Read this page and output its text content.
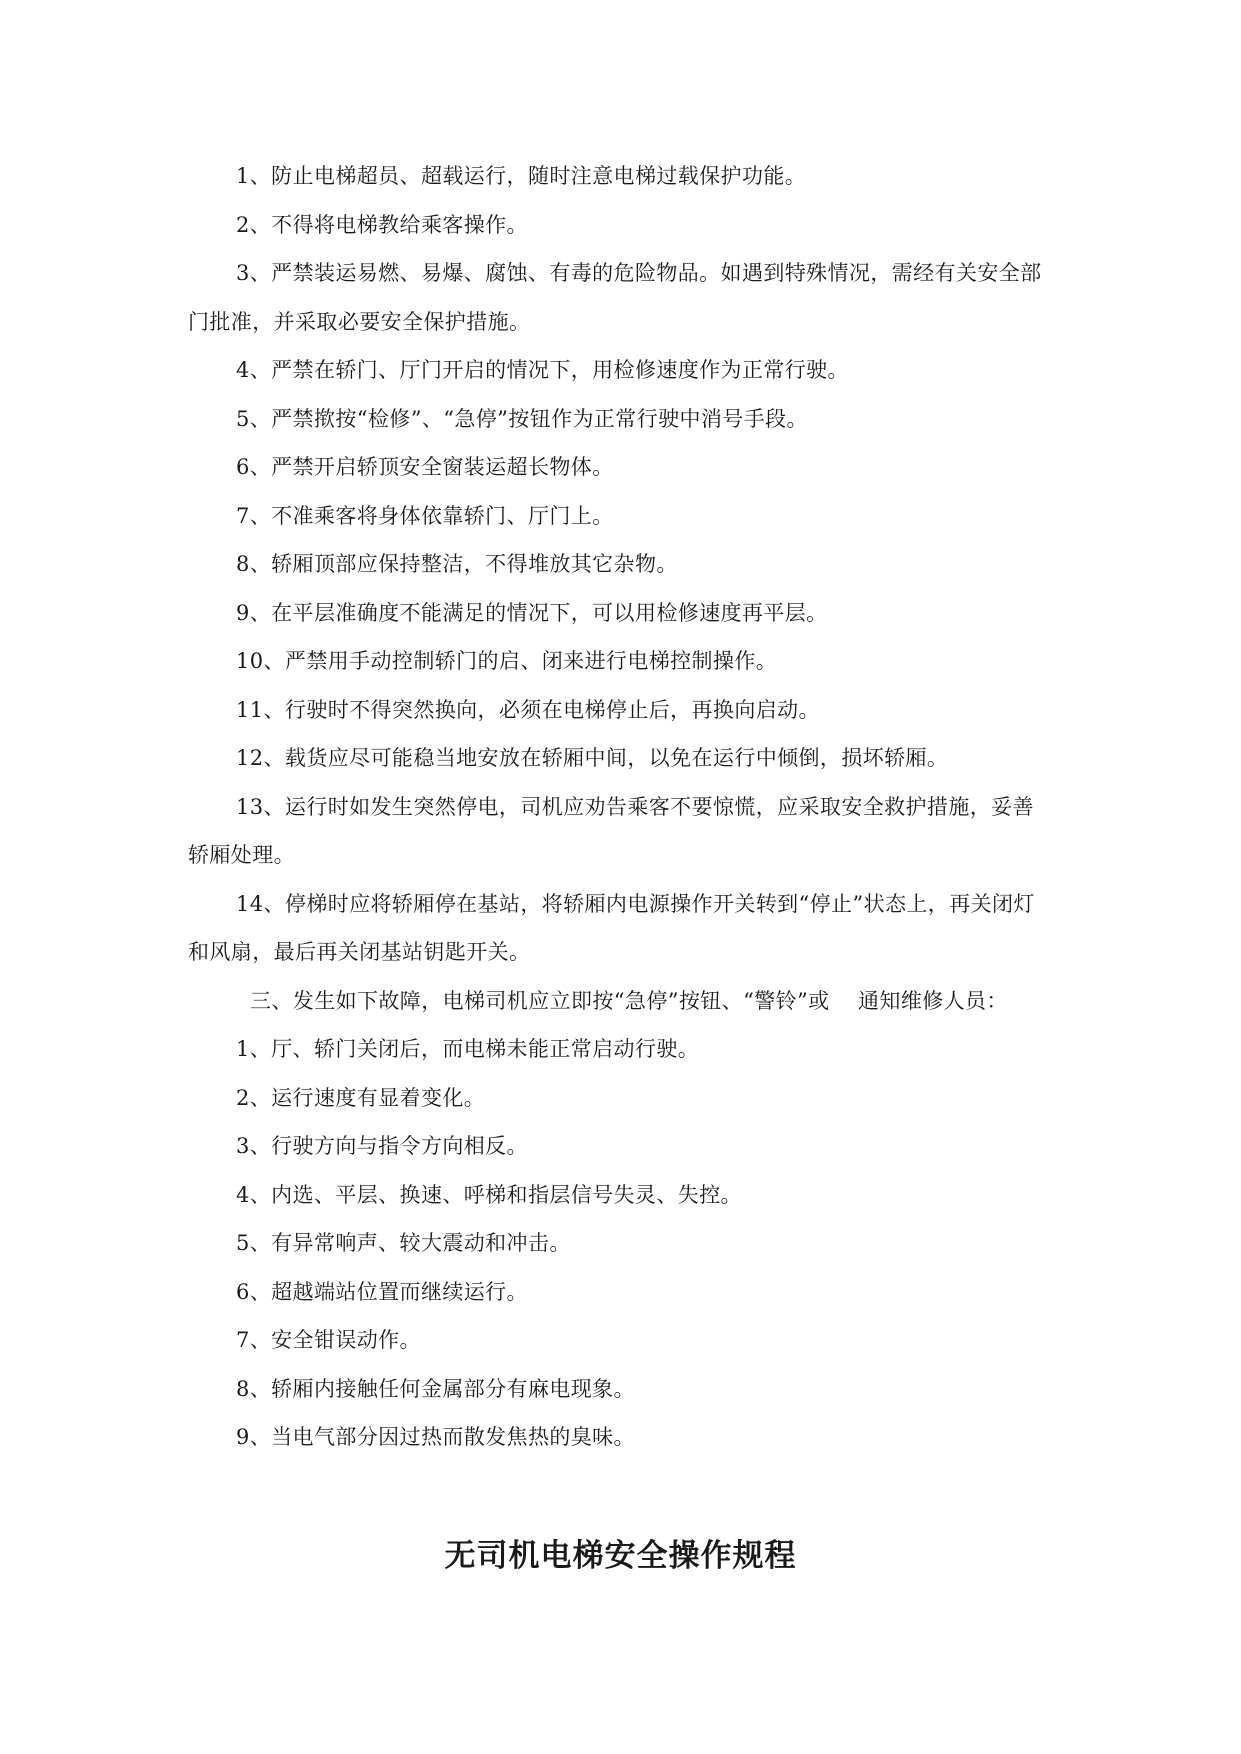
1、防止电梯超员、超载运行，随时注意电梯过载保护功能。

2、不得将电梯教给乘客操作。

3、严禁装运易燃、易爆、腐蚀、有毒的危险物品。如遇到特殊情况，需经有关安全部门批准，并采取必要安全保护措施。

4、严禁在轿门、厅门开启的情况下，用检修速度作为正常行驶。

5、严禁揿按“检修”、“急停”按钮作为正常行驶中消号手段。

6、严禁开启轿顶安全窗装运超长物体。

7、不准乘客将身体依靠轿门、厅门上。

8、轿厢顶部应保持整洁，不得堆放其它杂物。

9、在平层准确度不能满足的情况下，可以用检修速度再平层。

10、严禁用手动控制轿门的启、闭来进行电梯控制操作。

11、行驶时不得突然换向，必须在电梯停止后，再换向启动。

12、载货应尽可能稳当地安放在轿厢中间，以免在运行中倾倒，损坏轿厢。

13、运行时如发生突然停电，司机应劝告乘客不要惊慌，应采取安全救护措施，妥善轿厢处理。

14、停梯时应将轿厢停在基站，将轿厢内电源操作开关转到“停止”状态上，再关闭灯和风扇，最后再关闭基站钥匙开关。

三、发生如下故障，电梯司机应立即按“急停”按钮、“警铃”或　 通知维修人员：

1、厅、轿门关闭后，而电梯未能正常启动行驶。

2、运行速度有显着变化。

3、行驶方向与指令方向相反。

4、内选、平层、换速、呼梯和指层信号失灵、失控。

5、有异常响声、较大震动和冲击。

6、超越端站位置而继续运行。

7、安全钳误动作。

8、轿厢内接触任何金属部分有麻电现象。

9、当电气部分因过热而散发焦热的臭味。

无司机电梯安全操作规程
